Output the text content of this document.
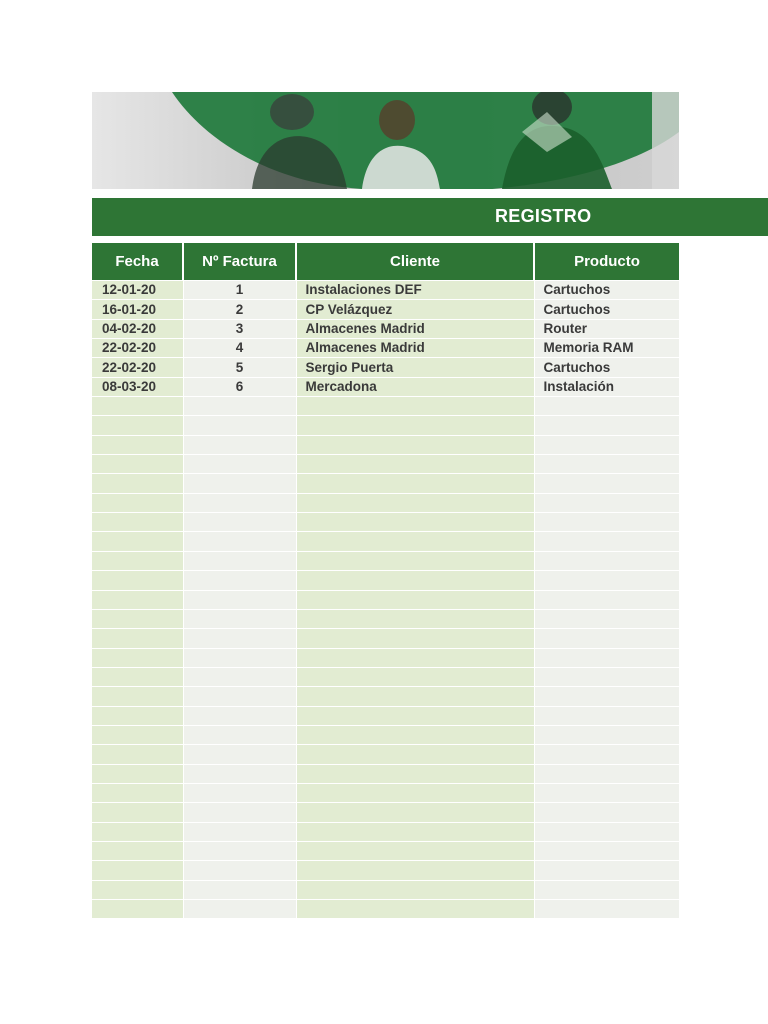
REGISTRO
Fecha	Nº Factura	Cliente	Producto
12-01-20	1	Instalaciones DEF	Cartuchos
16-01-20	2	CP Velázquez	Cartuchos
04-02-20	3	Almacenes Madrid	Router
22-02-20	4	Almacenes Madrid	Memoria RAM
22-02-20	5	Sergio Puerta	Cartuchos
08-03-20	6	Mercadona	Instalación
